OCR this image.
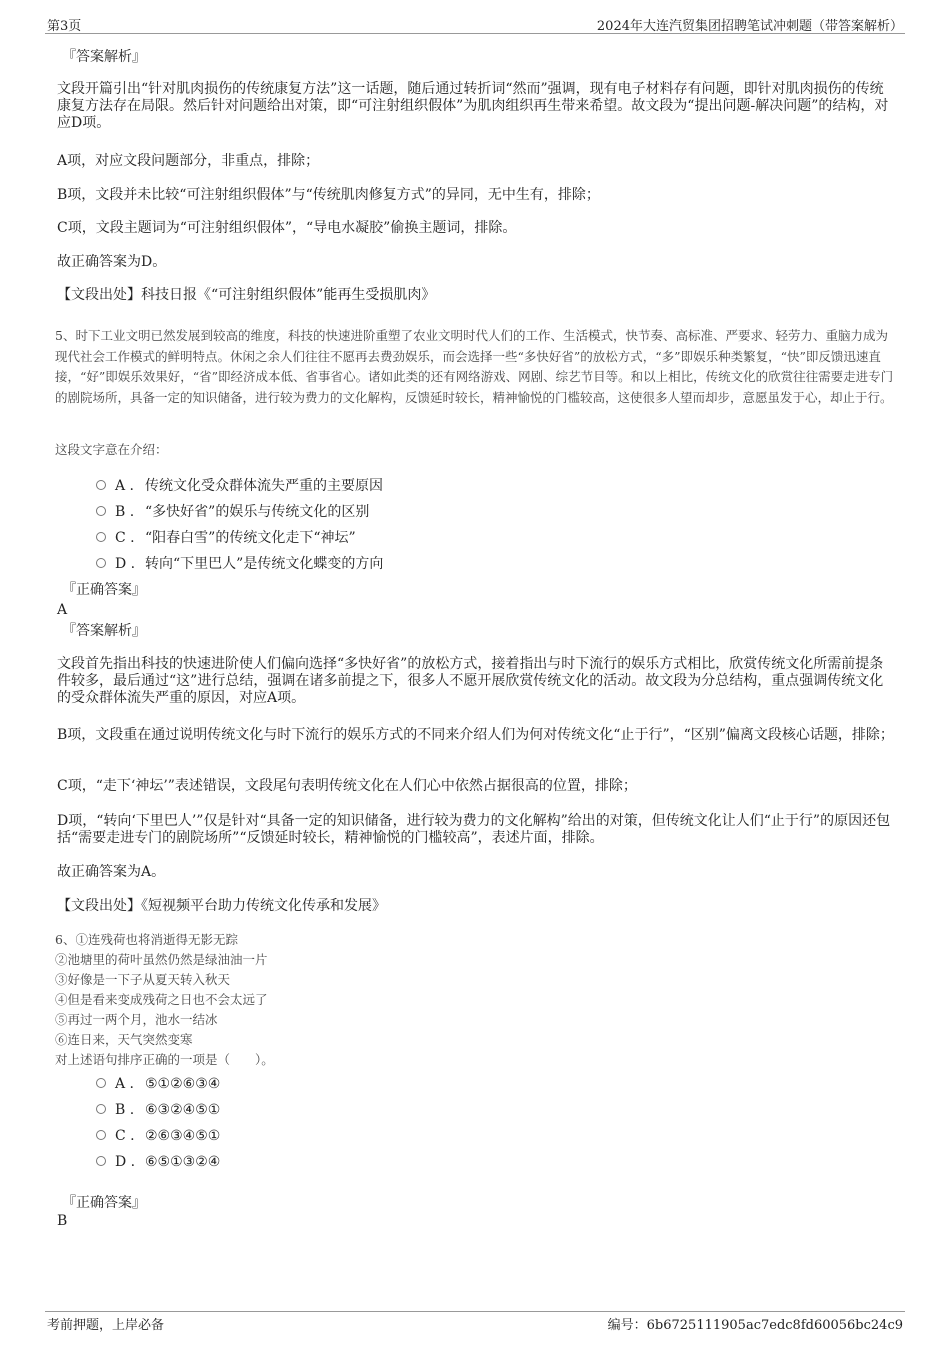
第3页	2024年大连汽贸集团招聘笔试冲刺题（带答案解析）

『答案解析』

文段开篇引出“针对肌肉损伤的传统康复方法”这一话题，随后通过转折词“然而”强调，现有电子材料存有问题，即针对肌肉损伤的传统康复方法存在局限。然后针对问题给出对策，即“可注射组织假体”为肌肉组织再生带来希望。故文段为“提出问题-解决问题”的结构，对应D项。

A项，对应文段问题部分，非重点，排除；

B项，文段并未比较“可注射组织假体”与“传统肌肉修复方式”的异同，无中生有，排除；

C项，文段主题词为“可注射组织假体”，“导电水凝胶”偷换主题词，排除。

故正确答案为D。

【文段出处】科技日报《“可注射组织假体”能再生受损肌肉》

5、时下工业文明已然发展到较高的维度，科技的快速进阶重塑了农业文明时代人们的工作、生活模式，快节奏、高标准、严要求、轻劳力、重脑力成为现代社会工作模式的鲜明特点。休闲之余人们往往不愿再去费劲娱乐，而会选择一些“多快好省”的放松方式，“多”即娱乐种类繁复，“快”即反馈迅速直接，“好”即娱乐效果好，“省”即经济成本低、省事省心。诸如此类的还有网络游戏、网剧、综艺节目等。和以上相比，传统文化的欣赏往往需要走进专门的剧院场所，具备一定的知识储备，进行较为费力的文化解构，反馈延时较长，精神愉悦的门槛较高，这使很多人望而却步，意愿虽发于心，却止于行。

这段文字意在介绍：

A . 传统文化受众群体流失严重的主要原因
B . “多快好省”的娱乐与传统文化的区别
C . “阳春白雪”的传统文化走下“神坛”
D . 转向“下里巴人”是传统文化蝶变的方向

『正确答案』

A

『答案解析』

文段首先指出科技的快速进阶使人们偏向选择“多快好省”的放松方式，接着指出与时下流行的娱乐方式相比，欣赏传统文化所需前提条件较多，最后通过“这”进行总结，强调在诸多前提之下，很多人不愿开展欣赏传统文化的活动。故文段为分总结构，重点强调传统文化的受众群体流失严重的原因，对应A项。

B项，文段重在通过说明传统文化与时下流行的娱乐方式的不同来介绍人们为何对传统文化“止于行”，“区别”偏离文段核心话题，排除；

C项，“走下‘神坛’”表述错误，文段尾句表明传统文化在人们心中依然占据很高的位置，排除；

D项，“转向‘下里巴人’”仅是针对“具备一定的知识储备，进行较为费力的文化解构”给出的对策，但传统文化让人们“止于行”的原因还包括“需要走进专门的剧院场所”“反馈延时较长，精神愉悦的门槛较高”，表述片面，排除。

故正确答案为A。

【文段出处】《短视频平台助力传统文化传承和发展》

6、①连残荷也将消逝得无影无踪

②池塘里的荷叶虽然仍然是绿油油一片

③好像是一下子从夏天转入秋天

④但是看来变成残荷之日也不会太远了

⑤再过一两个月，池水一结冰

⑥连日来，天气突然变寒

对上述语句排序正确的一项是（　　）。

A . ⑤①②⑥③④
B . ⑥③②④⑤①
C . ②⑥③④⑤①
D . ⑥⑤①③②④

『正确答案』

B

考前押题，上岸必备	编号：6b6725111905ac7edc8fd60056bc24c9
